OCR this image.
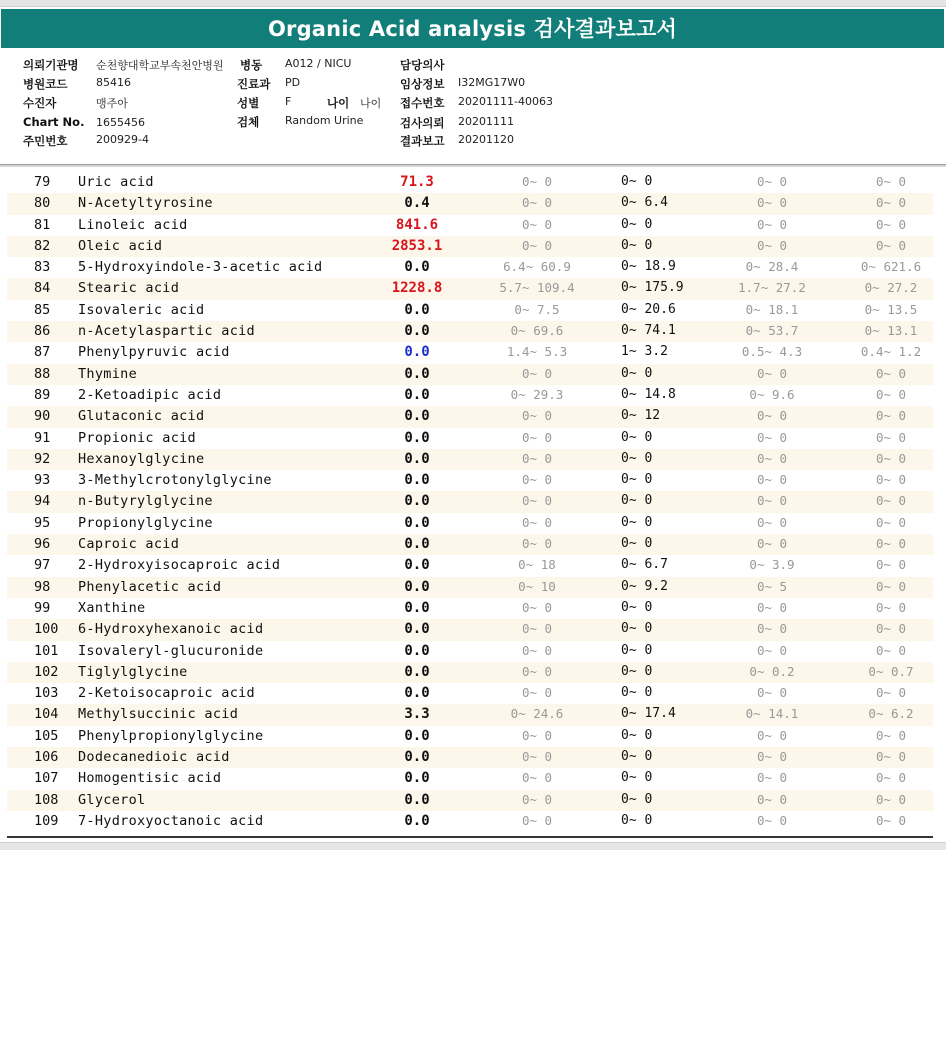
Organic Acid analysis 검사결과보고서
의뢰기관명 순천향대학교부속천안병원 병동 A012 / NICU	담당의사
병원코드	85416	진료과 PD	임상정보 I32MG17W0
수진자	맹주아	성별 F	나이 나이 접수번호 20201111-40063
Chart No. 1655456	검체 Random Urine	검사의뢰 20201111
주민번호	200929-4	결과보고 20201120
79	Uric acid	71.3	0~ 0	0~ 0	0~ 0	0~ 0
80	N-Acetyltyrosine	0.4	0~ 0	0~ 6.4	0~ 0	0~ 0
81	Linoleic acid	841.6	0~ 0	0~ 0	0~ 0	0~ 0
82	Oleic acid	2853.1	0~ 0	0~ 0	0~ 0	0~ 0
83	5-Hydroxyindole-3-acetic acid	0.0	6.4~ 60.9	0~ 18.9	0~ 28.4	0~ 621.6
84	Stearic acid	1228.8	5.7~ 109.4	0~ 175.9	1.7~ 27.2	0~ 27.2
85	Isovaleric acid	0.0	0~ 7.5	0~ 20.6	0~ 18.1	0~ 13.5
86	n-Acetylaspartic acid	0.0	0~ 69.6	0~ 74.1	0~ 53.7	0~ 13.1
87	Phenylpyruvic acid	0.0	1.4~ 5.3	1~ 3.2	0.5~ 4.3	0.4~ 1.2
88	Thymine	0.0	0~ 0	0~ 0	0~ 0	0~ 0
89	2-Ketoadipic acid	0.0	0~ 29.3	0~ 14.8	0~ 9.6	0~ 0
90	Glutaconic acid	0.0	0~ 0	0~ 12	0~ 0	0~ 0
91	Propionic acid	0.0	0~ 0	0~ 0	0~ 0	0~ 0
92	Hexanoylglycine	0.0	0~ 0	0~ 0	0~ 0	0~ 0
93	3-Methylcrotonylglycine	0.0	0~ 0	0~ 0	0~ 0	0~ 0
94	n-Butyrylglycine	0.0	0~ 0	0~ 0	0~ 0	0~ 0
95	Propionylglycine	0.0	0~ 0	0~ 0	0~ 0	0~ 0
96	Caproic acid	0.0	0~ 0	0~ 0	0~ 0	0~ 0
97	2-Hydroxyisocaproic acid	0.0	0~ 18	0~ 6.7	0~ 3.9	0~ 0
98	Phenylacetic acid	0.0	0~ 10	0~ 9.2	0~ 5	0~ 0
99	Xanthine	0.0	0~ 0	0~ 0	0~ 0	0~ 0
100	6-Hydroxyhexanoic acid	0.0	0~ 0	0~ 0	0~ 0	0~ 0
101	Isovaleryl-glucuronide	0.0	0~ 0	0~ 0	0~ 0	0~ 0
102	Tiglylglycine	0.0	0~ 0	0~ 0	0~ 0.2	0~ 0.7
103	2-Ketoisocaproic acid	0.0	0~ 0	0~ 0	0~ 0	0~ 0
104	Methylsuccinic acid	3.3	0~ 24.6	0~ 17.4	0~ 14.1	0~ 6.2
105	Phenylpropionylglycine	0.0	0~ 0	0~ 0	0~ 0	0~ 0
106	Dodecanedioic acid	0.0	0~ 0	0~ 0	0~ 0	0~ 0
107	Homogentisic acid	0.0	0~ 0	0~ 0	0~ 0	0~ 0
108	Glycerol	0.0	0~ 0	0~ 0	0~ 0	0~ 0
109	7-Hydroxyoctanoic acid	0.0	0~ 0	0~ 0	0~ 0	0~ 0
